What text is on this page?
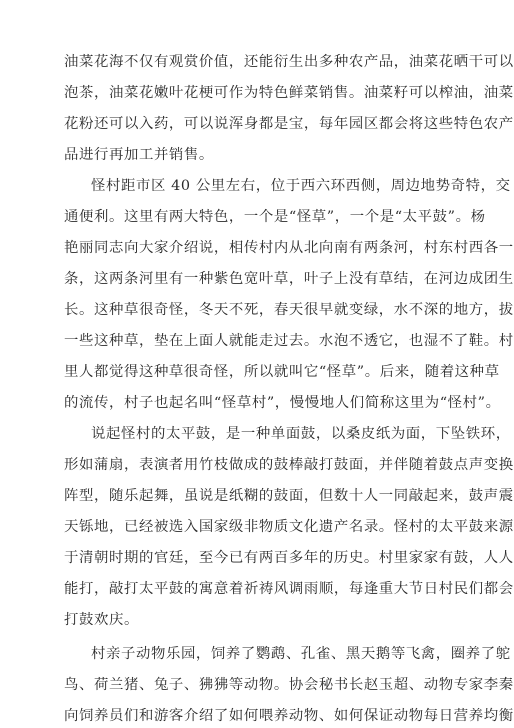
油菜花海不仅有观赏价值，还能衍生出多种农产品，油菜花晒干可以
泡茶，油菜花嫩叶花梗可作为特色鲜菜销售。油菜籽可以榨油，油菜
花粉还可以入药，可以说浑身都是宝，每年园区都会将这些特色农产
品进行再加工并销售。
怪村距市区 40 公里左右，位于西六环西侧，周边地势奇特，交
通便利。这里有两大特色，一个是“怪草”，一个是“太平鼓”。杨
艳丽同志向大家介绍说，相传村内从北向南有两条河，村东村西各一
条，这两条河里有一种紫色宽叶草，叶子上没有草结，在河边成团生
长。这种草很奇怪，冬天不死，春天很早就变绿，水不深的地方，拔
一些这种草，垫在上面人就能走过去。水泡不透它，也湿不了鞋。村
里人都觉得这种草很奇怪，所以就叫它“怪草”。后来，随着这种草
的流传，村子也起名叫“怪草村”，慢慢地人们简称这里为“怪村”。
说起怪村的太平鼓，是一种单面鼓，以桑皮纸为面，下坠铁环，
形如蒲扇，表演者用竹枝做成的鼓棒敲打鼓面，并伴随着鼓点声变换
阵型，随乐起舞，虽说是纸糊的鼓面，但数十人一同敲起来，鼓声震
天铄地，已经被选入国家级非物质文化遗产名录。怪村的太平鼓来源
于清朝时期的官廷，至今已有两百多年的历史。村里家家有鼓，人人
能打，敲打太平鼓的寓意着祈祷风调雨顺，每逢重大节日村民们都会
打鼓欢庆。
村亲子动物乐园，饲养了鹦鹉、孔雀、黑天鹅等飞禽，圈养了鸵
鸟、荷兰猪、兔子、狒狒等动物。协会秘书长赵玉超、动物专家李秦
向饲养员们和游客介绍了如何喂养动物、如何保证动物每日营养均衡
